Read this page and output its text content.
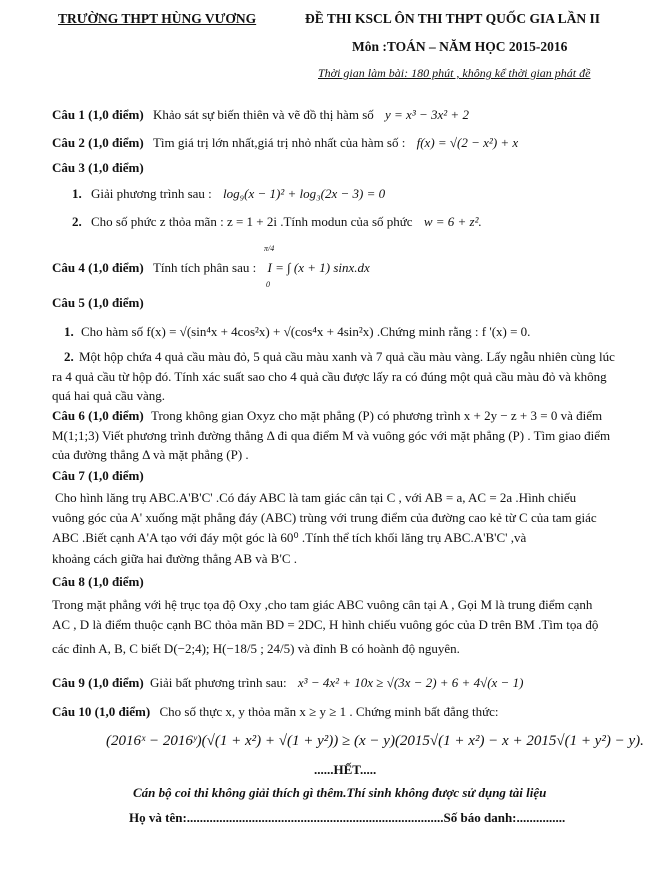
TRƯỜNG THPT HÙNG VƯƠNG	ĐỀ THI KSCL ÔN THI THPT QUỐC GIA LẦN II
Môn :TOÁN – NĂM HỌC 2015-2016
Thời gian làm bài: 180 phút , không kể thời gian phát đề
Câu 1 (1,0 điểm) Khảo sát sự biến thiên và vẽ đồ thị hàm số y = x³ − 3x² + 2
Câu 2 (1,0 điểm) Tìm giá trị lớn nhất,giá trị nhỏ nhất của hàm số : f(x) = √(2 − x²) + x
Câu 3 (1,0 điểm)
1. Giải phương trình sau : log₉(x − 1)² + log₃(2x − 3) = 0
2. Cho số phức z thỏa mãn : z = 1 + 2i .Tính modun của số phức w = 6 + z².
Câu 4 (1,0 điểm) Tính tích phân sau : I = ∫ (x + 1) sinx.dx
π/4
0
Câu 5 (1,0 điểm)
1. Cho hàm số f(x) = √(sin⁴x + 4cos²x) + √(cos⁴x + 4sin²x) .Chứng minh rằng : f '(x) = 0.
2. Một hộp chứa 4 quả cầu màu đỏ, 5 quả cầu màu xanh và 7 quả cầu màu vàng. Lấy ngẫu nhiên cùng lúc
ra 4 quả cầu từ hộp đó. Tính xác suất sao cho 4 quả cầu được lấy ra có đúng một quả cầu màu đỏ và không
quá hai quả cầu vàng.
Câu 6 (1,0 điểm) Trong không gian Oxyz cho mặt phẳng (P) có phương trình x + 2y − z + 3 = 0 và điểm
M(1;1;3) Viết phương trình đường thẳng Δ đi qua điểm M và vuông góc với mặt phẳng (P) . Tìm giao điểm
của đường thẳng Δ và mặt phẳng (P) .
Câu 7 (1,0 điểm)
Cho hình lăng trụ ABC.A'B'C' .Có đáy ABC là tam giác cân tại C , với AB = a, AC = 2a .Hình chiếu
vuông góc của A' xuống mặt phẳng đáy (ABC) trùng với trung điểm của đường cao kẻ từ C của tam giác
ABC .Biết cạnh A'A tạo với đáy một góc là 60⁰ .Tính thể tích khối lăng trụ ABC.A'B'C' ,và
khoảng cách giữa hai đường thẳng AB và B'C .
Câu 8 (1,0 điểm)
Trong mặt phẳng với hệ trục tọa độ Oxy ,cho tam giác ABC vuông cân tại A , Gọi M là trung điểm cạnh
AC , D là điểm thuộc cạnh BC thỏa mãn BD = 2DC, H hình chiếu vuông góc của D trên BM .Tìm tọa độ
các đỉnh A, B, C biết D(−2;4); H(−18/5 ; 24/5) và đỉnh B có hoành độ nguyên.
Câu 9 (1,0 điểm) Giải bất phương trình sau: x³ − 4x² + 10x ≥ √(3x − 2) + 6 + 4√(x − 1)
Câu 10 (1,0 điểm) Cho số thực x, y thỏa mãn x ≥ y ≥ 1 . Chứng minh bất đẳng thức:
(2016ˣ − 2016ʸ)(√(1 + x²) + √(1 + y²)) ≥ (x − y)(2015√(1 + x²) − x + 2015√(1 + y²) − y).
......HẾT.....
Cán bộ coi thi không giải thích gì thêm.Thí sinh không được sử dụng tài liệu
Họ và tên:...............................................................................Số báo danh:...............
